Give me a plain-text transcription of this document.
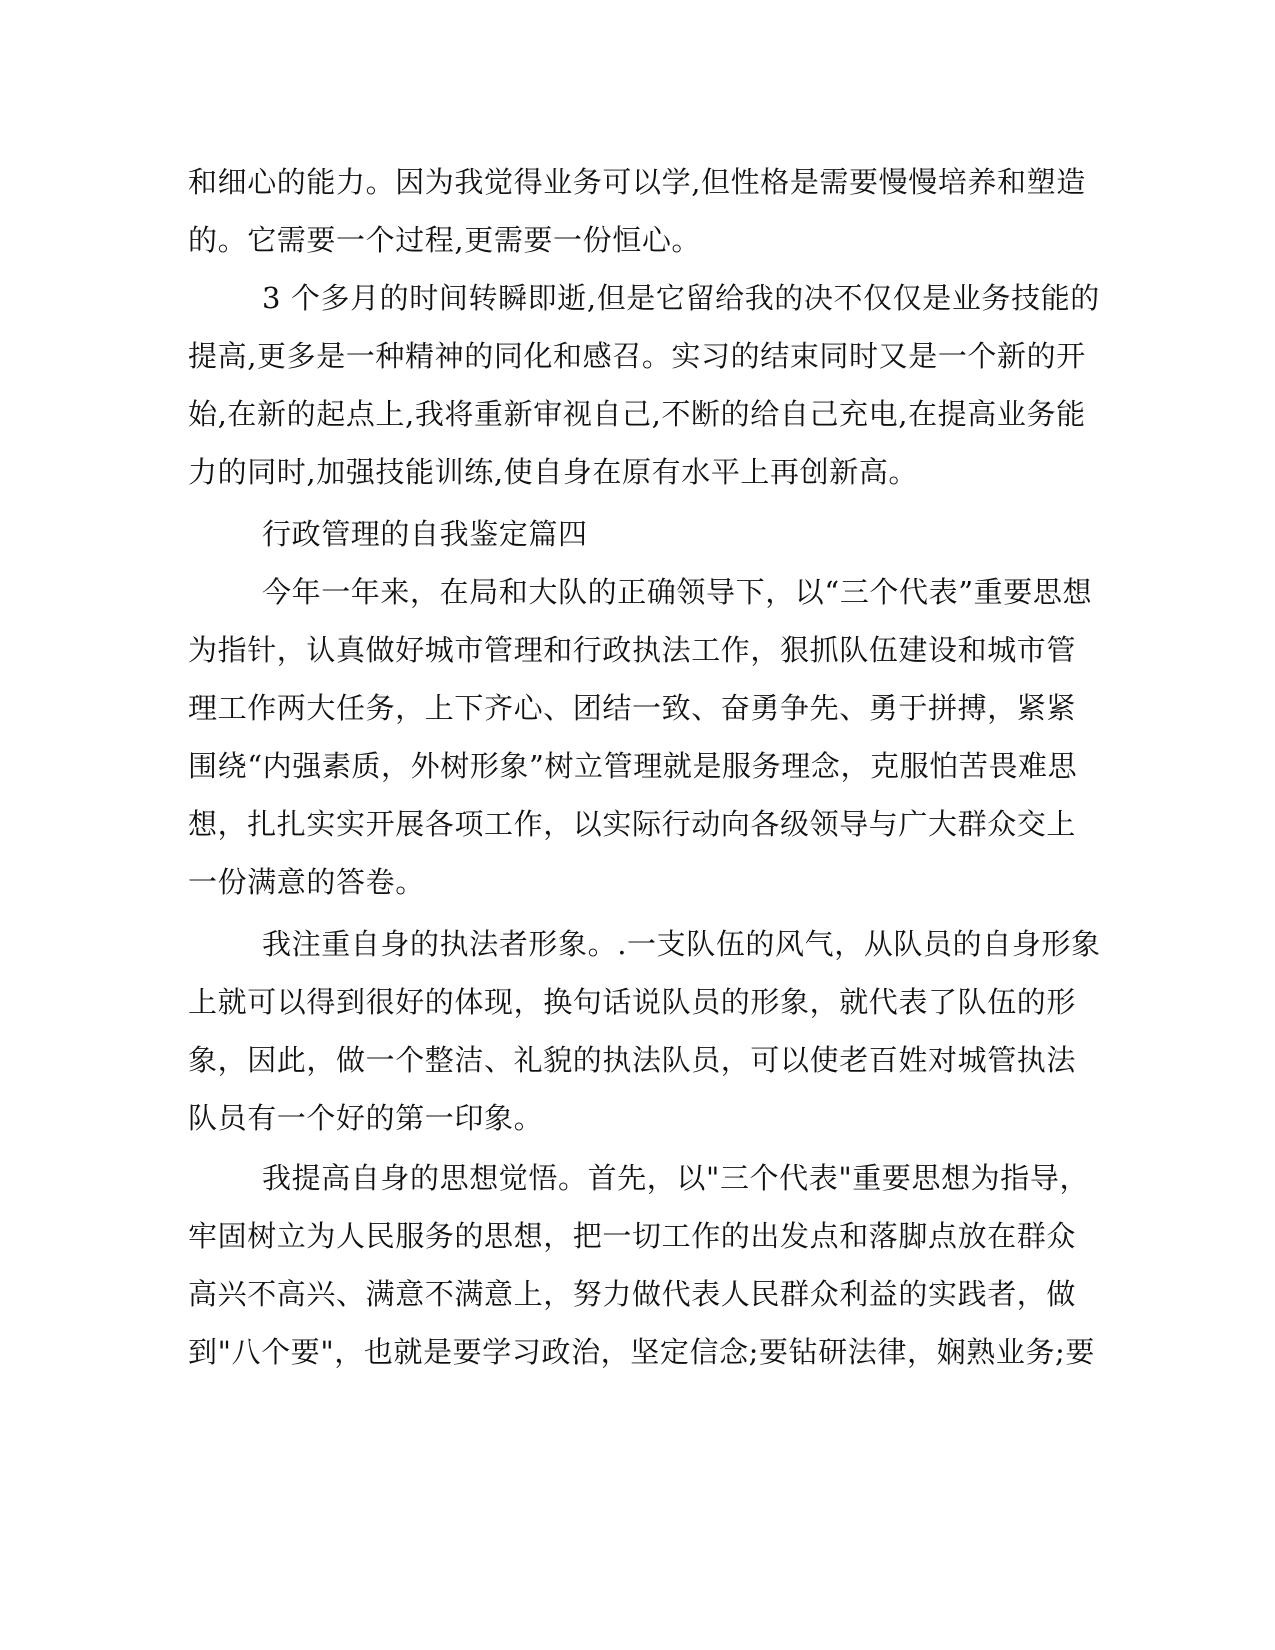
和细心的能力。因为我觉得业务可以学,但性格是需要慢慢培养和塑造
的。它需要一个过程,更需要一份恒心。
3 个多月的时间转瞬即逝,但是它留给我的决不仅仅是业务技能的
提高,更多是一种精神的同化和感召。实习的结束同时又是一个新的开
始,在新的起点上,我将重新审视自己,不断的给自己充电,在提高业务能
力的同时,加强技能训练,使自身在原有水平上再创新高。
行政管理的自我鉴定篇四
今年一年来，在局和大队的正确领导下，以“三个代表”重要思想
为指针，认真做好城市管理和行政执法工作，狠抓队伍建设和城市管
理工作两大任务，上下齐心、团结一致、奋勇争先、勇于拼搏，紧紧
围绕“内强素质，外树形象”树立管理就是服务理念，克服怕苦畏难思
想，扎扎实实开展各项工作，以实际行动向各级领导与广大群众交上
一份满意的答卷。
我注重自身的执法者形象。.一支队伍的风气，从队员的自身形象
上就可以得到很好的体现，换句话说队员的形象，就代表了队伍的形
象，因此，做一个整洁、礼貌的执法队员，可以使老百姓对城管执法
队员有一个好的第一印象。
我提高自身的思想觉悟。首先，以"三个代表"重要思想为指导，
牢固树立为人民服务的思想，把一切工作的出发点和落脚点放在群众
高兴不高兴、满意不满意上，努力做代表人民群众利益的实践者，做
到"八个要"，也就是要学习政治，坚定信念;要钻研法律，娴熟业务;要
